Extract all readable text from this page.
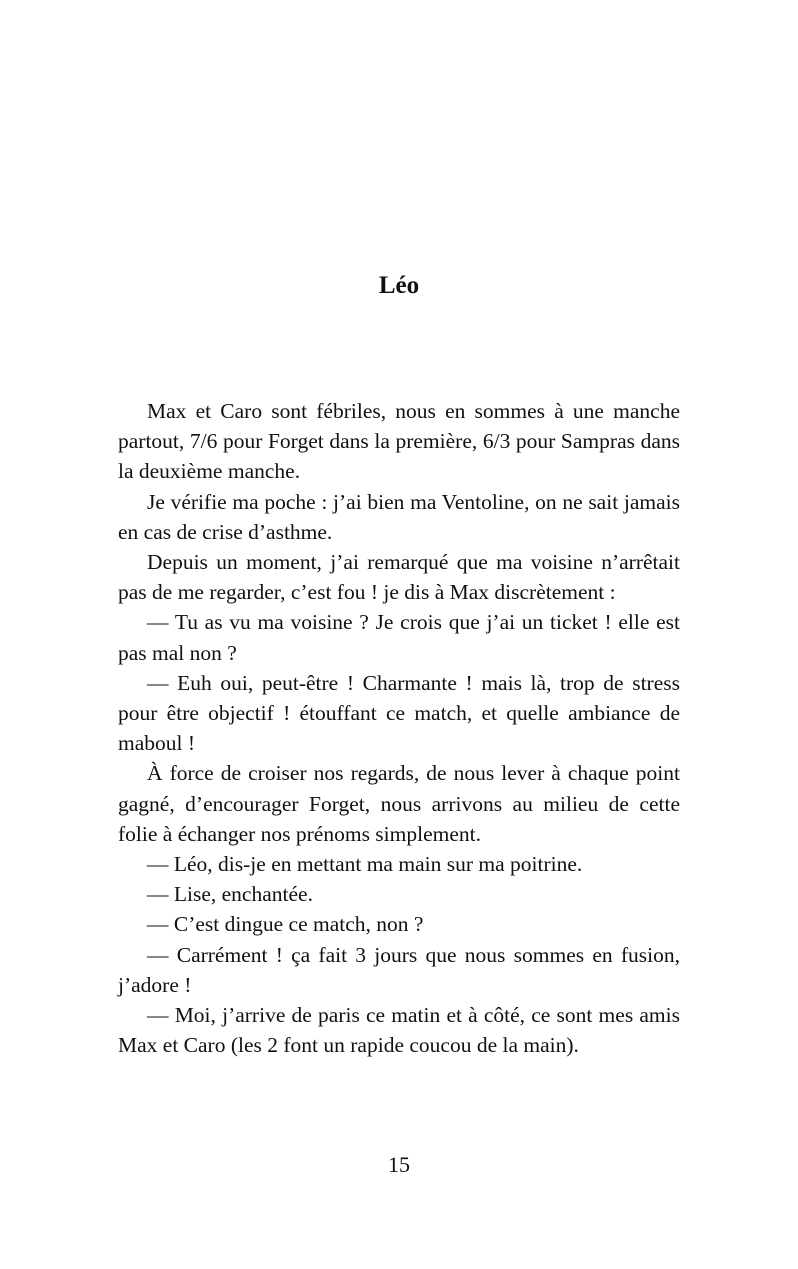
Léo

Max et Caro sont fébriles, nous en sommes à une manche partout, 7/6 pour Forget dans la première, 6/3 pour Sampras dans la deuxième manche.

Je vérifie ma poche : j’ai bien ma Ventoline, on ne sait jamais en cas de crise d’asthme.

Depuis un moment, j’ai remarqué que ma voisine n’arrêtait pas de me regarder, c’est fou ! je dis à Max discrètement :

— Tu as vu ma voisine ? Je crois que j’ai un ticket ! elle est pas mal non ?

— Euh oui, peut-être ! Charmante ! mais là, trop de stress pour être objectif ! étouffant ce match, et quelle ambiance de maboul !

À force de croiser nos regards, de nous lever à chaque point gagné, d’encourager Forget, nous arrivons au milieu de cette folie à échanger nos prénoms simplement.

— Léo, dis-je en mettant ma main sur ma poitrine.

— Lise, enchantée.

— C’est dingue ce match, non ?

— Carrément ! ça fait 3 jours que nous sommes en fusion, j’adore !

— Moi, j’arrive de paris ce matin et à côté, ce sont mes amis Max et Caro (les 2 font un rapide coucou de la main).

15
